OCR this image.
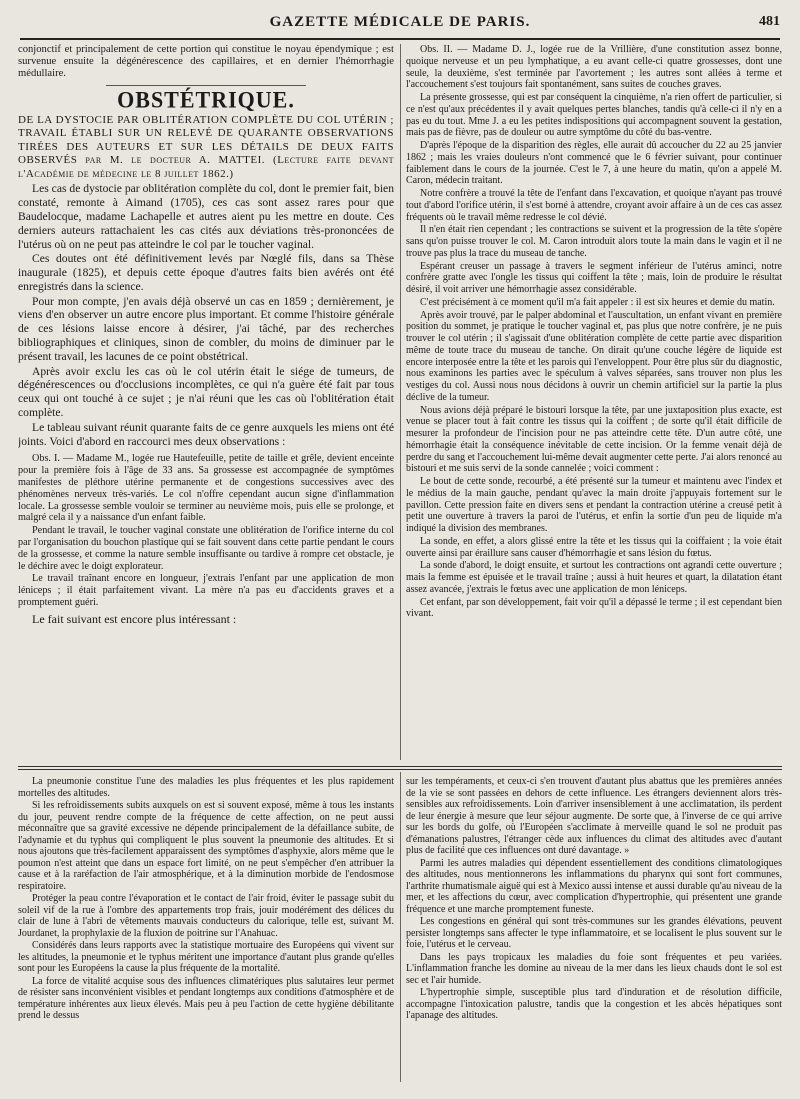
GAZETTE MÉDICALE DE PARIS.	481

conjonctif et principalement de cette portion qui constitue le noyau épendymique ; est survenue ensuite la dégénérescence des capillaires, et en dernier l'hémorrhagie médullaire.

OBSTÉTRIQUE.

DE LA DYSTOCIE PAR OBLITÉRATION COMPLÈTE DU COL UTÉRIN ; TRAVAIL ÉTABLI SUR UN RELEVÉ DE QUARANTE OBSERVATIONS TIRÉES DES AUTEURS ET SUR LES DÉTAILS DE DEUX FAITS OBSERVÉS par M. le docteur A. MATTEI. (Lecture faite devant l'Académie de médecine le 8 juillet 1862.)

Les cas de dystocie par oblitération complète du col, dont le premier fait, bien constaté, remonte à Aimand (1705), ces cas sont assez rares pour que Baudelocque, madame Lachapelle et autres aient pu les mettre en doute. Ces derniers auteurs rattachaient les cas cités aux déviations très-prononcées de l'utérus où on ne peut pas atteindre le col par le toucher vaginal.

Ces doutes ont été définitivement levés par Nœglé fils, dans sa Thèse inaugurale (1825), et depuis cette époque d'autres faits bien avérés ont été enregistrés dans la science.

Pour mon compte, j'en avais déjà observé un cas en 1859 ; dernièrement, je viens d'en observer un autre encore plus important. Et comme l'histoire générale de ces lésions laisse encore à désirer, j'ai tâché, par des recherches bibliographiques et cliniques, sinon de combler, du moins de diminuer par le présent travail, les lacunes de ce point obstétrical.

Après avoir exclu les cas où le col utérin était le siége de tumeurs, de dégénérescences ou d'occlusions incomplètes, ce qui n'a guère été fait par tous ceux qui ont touché à ce sujet ; je n'ai réuni que les cas où l'oblitération était complète.

Le tableau suivant réunit quarante faits de ce genre auxquels les miens ont été joints. Voici d'abord en raccourci mes deux observations :

Obs. I. — Madame M., logée rue Hautefeuille, petite de taille et grêle, devient enceinte pour la première fois à l'âge de 33 ans. Sa grossesse est accompagnée de symptômes manifestes de pléthore utérine permanente et de congestions successives avec des phénomènes nerveux très-variés. Le col n'offre cependant aucun signe d'inflammation locale. La grossesse semble vouloir se terminer au neuvième mois, puis elle se prolonge, et malgré cela il y a naissance d'un enfant faible.

Pendant le travail, le toucher vaginal constate une oblitération de l'orifice interne du col par l'organisation du bouchon plastique qui se fait souvent dans cette partie pendant le cours de la grossesse, et comme la nature semble insuffisante ou tardive à rompre cet obstacle, je le déchire avec le doigt explorateur.

Le travail traînant encore en longueur, j'extrais l'enfant par une application de mon léniceps ; il était parfaitement vivant. La mère n'a pas eu d'accidents graves et a promptement guéri.

Le fait suivant est encore plus intéressant :

Obs. II. — Madame D. J., logée rue de la Vrillière, d'une constitution assez bonne, quoique nerveuse et un peu lymphatique, a eu avant celle-ci quatre grossesses, dont une seule, la deuxième, s'est terminée par l'avortement ; les autres sont allées à terme et l'accouchement s'est toujours fait spontanément, sans suites de couches graves.

La présente grossesse, qui est par conséquent la cinquième, n'a rien offert de particulier, si ce n'est qu'aux précédentes il y avait quelques pertes blanches, tandis qu'à celle-ci il n'y en a pas eu du tout. Mme J. a eu les petites indispositions qui accompagnent souvent la gestation, mais pas de fièvre, pas de douleur ou autre symptôme du côté du bas-ventre.

D'après l'époque de la disparition des règles, elle aurait dû accoucher du 22 au 25 janvier 1862 ; mais les vraies douleurs n'ont commencé que le 6 février suivant, pour continuer faiblement dans le cours de la journée. C'est le 7, à une heure du matin, qu'on a appelé M. Caron, médecin traitant.

Notre confrère a trouvé la tête de l'enfant dans l'excavation, et quoique n'ayant pas trouvé tout d'abord l'orifice utérin, il s'est borné à attendre, croyant avoir affaire à un de ces cas assez fréquents où le travail même redresse le col dévié.

Il n'en était rien cependant ; les contractions se suivent et la progression de la tête s'opère sans qu'on puisse trouver le col. M. Caron introduit alors toute la main dans le vagin et il ne trouve pas plus la trace du museau de tanche.

Espérant creuser un passage à travers le segment inférieur de l'utérus aminci, notre confrère gratte avec l'ongle les tissus qui coiffent la tête ; mais, loin de produire le résultat désiré, il voit arriver une hémorrhagie assez considérable.

C'est précisément à ce moment qu'il m'a fait appeler : il est six heures et demie du matin.

Après avoir trouvé, par le palper abdominal et l'auscultation, un enfant vivant en première position du sommet, je pratique le toucher vaginal et, pas plus que notre confrère, je ne puis trouver le col utérin ; il s'agissait d'une oblitération complète de cette partie avec disparition même de toute trace du museau de tanche. On dirait qu'une couche légère de liquide est encore interposée entre la tête et les parois qui l'enveloppent. Pour être plus sûr du diagnostic, nous examinons les parties avec le spéculum à valves séparées, sans trouver non plus les vestiges du col. Aussi nous nous décidons à ouvrir un chemin artificiel sur la partie la plus déclive de la tumeur.

Nous avions déjà préparé le bistouri lorsque la tête, par une juxtaposition plus exacte, est venue se placer tout à fait contre les tissus qui la coiffent ; de sorte qu'il était difficile de mesurer la profondeur de l'incision pour ne pas atteindre cette tête. D'un autre côté, une hémorrhagie était la conséquence inévitable de cette incision. Or la femme venait déjà de perdre du sang et l'accouchement lui-même devait augmenter cette perte. J'ai alors renoncé au bistouri et me suis servi de la sonde cannelée ; voici comment :

Le bout de cette sonde, recourbé, a été présenté sur la tumeur et maintenu avec l'index et le médius de la main gauche, pendant qu'avec la main droite j'appuyais fortement sur le pavillon. Cette pression faite en divers sens et pendant la contraction utérine a creusé petit à petit une ouverture à travers la paroi de l'utérus, et enfin la sortie d'un peu de liquide m'a indiqué la division des membranes.

La sonde, en effet, a alors glissé entre la tête et les tissus qui la coiffaient ; la voie était ouverte ainsi par éraillure sans causer d'hémorrhagie et sans lésion du fœtus.

La sonde d'abord, le doigt ensuite, et surtout les contractions ont agrandi cette ouverture ; mais la femme est épuisée et le travail traîne ; aussi à huit heures et quart, la dilatation étant assez avancée, j'extrais le fœtus avec une application de mon léniceps.

Cet enfant, par son développement, fait voir qu'il a dépassé le terme ; il est cependant bien vivant.

La pneumonie constitue l'une des maladies les plus fréquentes et les plus rapidement mortelles des altitudes.

Si les refroidissements subits auxquels on est si souvent exposé, même à tous les instants du jour, peuvent rendre compte de la fréquence de cette affection, on ne peut aussi méconnaître que sa gravité excessive ne dépende principalement de la défaillance subite, de l'adynamie et du typhus qui compliquent le plus souvent la pneumonie des altitudes. Et si nous ajoutons que très-facilement apparaissent des symptômes d'asphyxie, alors même que le poumon n'est atteint que dans un espace fort limité, on ne peut s'empêcher d'en attribuer la cause et à la raréfaction de l'air atmosphérique, et à la diminution morbide de l'endosmose respiratoire.

Protéger la peau contre l'évaporation et le contact de l'air froid, éviter le passage subit du soleil vif de la rue à l'ombre des appartements trop frais, jouir modérément des délices du clair de lune à l'abri de vêtements mauvais conducteurs du calorique, telle est, suivant M. Jourdanet, la prophylaxie de la fluxion de poitrine sur l'Anahuac.

Considérés dans leurs rapports avec la statistique mortuaire des Européens qui vivent sur les altitudes, la pneumonie et le typhus méritent une importance d'autant plus grande qu'elles sont pour les Européens la cause la plus fréquente de la mortalité.

La force de vitalité acquise sous des influences climatériques plus salutaires leur permet de résister sans inconvénient visibles et pendant longtemps aux conditions d'atmosphère et de température inhérentes aux lieux élevés. Mais peu à peu l'action de cette hygiène débilitante prend le dessus

sur les tempéraments, et ceux-ci s'en trouvent d'autant plus abattus que les premières années de la vie se sont passées en dehors de cette influence. Les étrangers deviennent alors très-sensibles aux refroidissements. Loin d'arriver insensiblement à une acclimatation, ils perdent de leur énergie à mesure que leur séjour augmente. De sorte que, à l'inverse de ce qui arrive sur les bords du golfe, où l'Européen s'acclimate à merveille quand le sol ne produit pas d'émanations palustres, l'étranger cède aux influences du climat des altitudes avec d'autant plus de facilité que ces influences ont duré davantage. »

Parmi les autres maladies qui dépendent essentiellement des conditions climatologiques des altitudes, nous mentionnerons les inflammations du pharynx qui sont fort communes, l'arthrite rhumatismale aiguë qui est à Mexico aussi intense et aussi durable qu'au niveau de la mer, et les affections du cœur, avec complication d'hypertrophie, qui présentent une grande fréquence et une marche promptement funeste.

Les congestions en général qui sont très-communes sur les grandes élévations, peuvent persister longtemps sans affecter le type inflammatoire, et se localisent le plus souvent sur le foie, l'utérus et le cerveau.

Dans les pays tropicaux les maladies du foie sont fréquentes et peu variées. L'inflammation franche les domine au niveau de la mer dans les lieux chauds dont le sol est sec et l'air humide.

L'hypertrophie simple, susceptible plus tard d'induration et de résolution difficile, accompagne l'intoxication palustre, tandis que la congestion et les abcès hépatiques sont l'apanage des altitudes.
